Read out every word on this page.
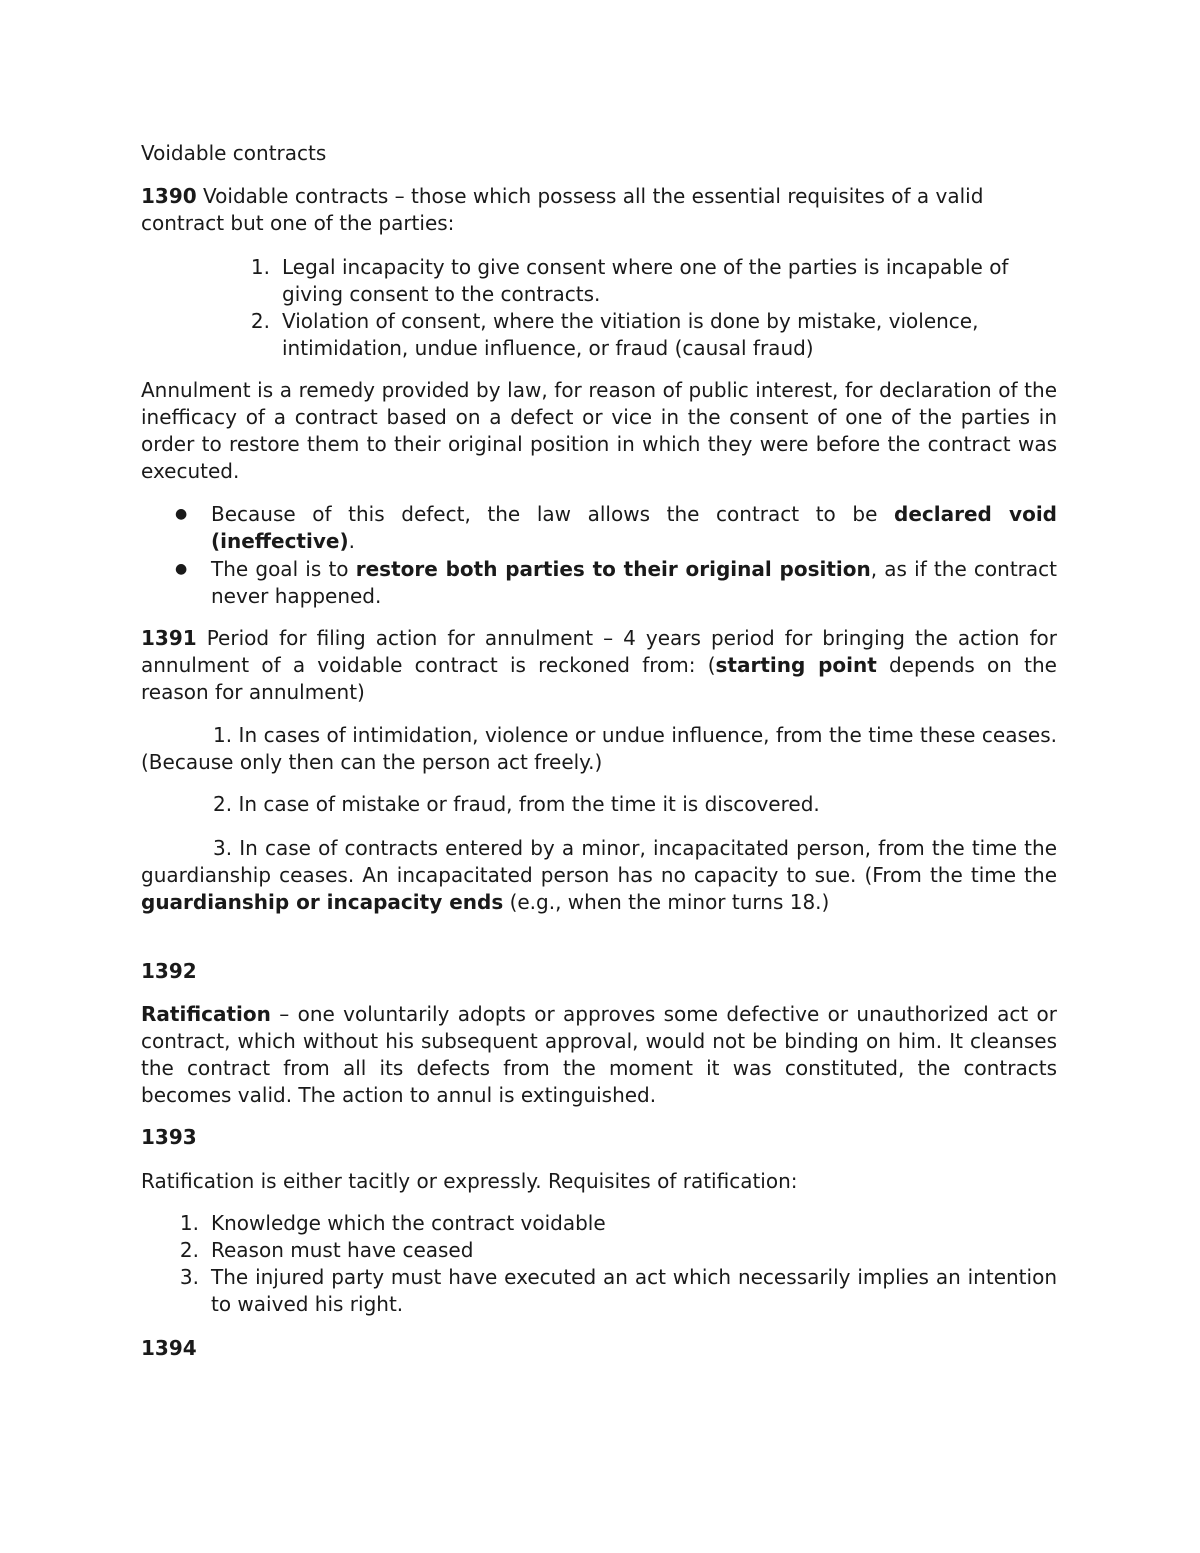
Voidable contracts

1390 Voidable contracts – those which possess all the essential requisites of a valid contract but one of the parties:

1. Legal incapacity to give consent where one of the parties is incapable of giving consent to the contracts.

2. Violation of consent, where the vitiation is done by mistake, violence, intimidation, undue influence, or fraud (causal fraud)

Annulment is a remedy provided by law, for reason of public interest, for declaration of the inefficacy of a contract based on a defect or vice in the consent of one of the parties in order to restore them to their original position in which they were before the contract was executed.

● Because of this defect, the law allows the contract to be declared void (ineffective).

● The goal is to restore both parties to their original position, as if the contract never happened.

1391 Period for filing action for annulment – 4 years period for bringing the action for annulment of a voidable contract is reckoned from: (starting point depends on the reason for annulment)

1. In cases of intimidation, violence or undue influence, from the time these ceases. (Because only then can the person act freely.)

2. In case of mistake or fraud, from the time it is discovered.

3. In case of contracts entered by a minor, incapacitated person, from the time the guardianship ceases. An incapacitated person has no capacity to sue. (From the time the guardianship or incapacity ends (e.g., when the minor turns 18.)

1392

Ratification – one voluntarily adopts or approves some defective or unauthorized act or contract, which without his subsequent approval, would not be binding on him. It cleanses the contract from all its defects from the moment it was constituted, the contracts becomes valid. The action to annul is extinguished.

1393

Ratification is either tacitly or expressly. Requisites of ratification:

1. Knowledge which the contract voidable

2. Reason must have ceased

3. The injured party must have executed an act which necessarily implies an intention to waived his right.

1394
